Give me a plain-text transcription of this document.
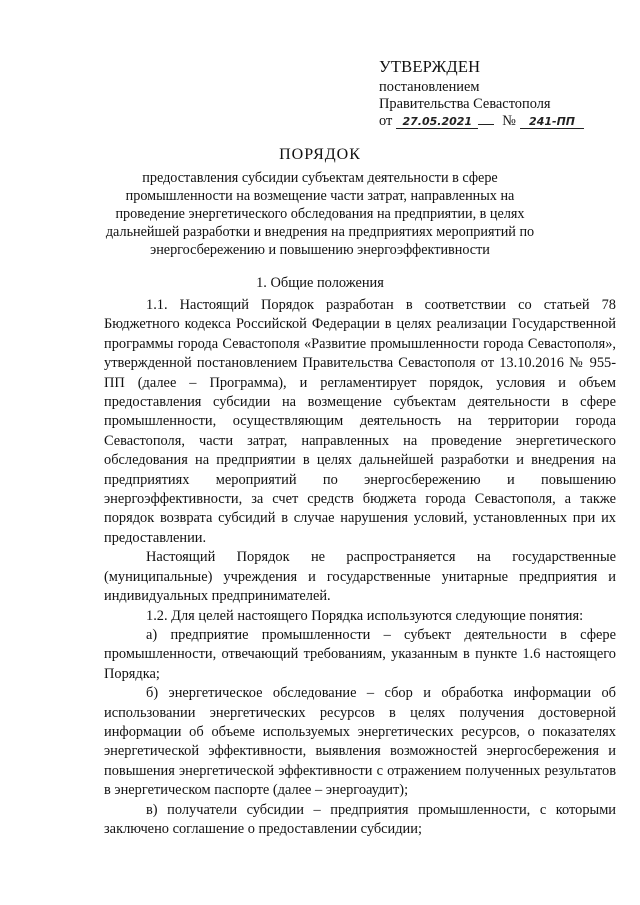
УТВЕРЖДЕН
постановлением
Правительства Севастополя
от 27.05.2021	№	241-ПП
ПОРЯДОК
предоставления субсидии субъектам деятельности в сфере промышленности на возмещение части затрат, направленных на проведение энергетического обследования на предприятии, в целях дальнейшей разработки и внедрения на предприятиях мероприятий по энергосбережению и повышению энергоэффективности
1. Общие положения

1.1. Настоящий Порядок разработан в соответствии со статьей 78 Бюджетного кодекса Российской Федерации в целях реализации Государственной программы города Севастополя «Развитие промышленности города Севастополя», утвержденной постановлением Правительства Севастополя от 13.10.2016 № 955-ПП (далее – Программа), и регламентирует порядок, условия и объем предоставления субсидии на возмещение субъектам деятельности в сфере промышленности, осуществляющим деятельность на территории города Севастополя, части затрат, направленных на проведение энергетического обследования на предприятии в целях дальнейшей разработки и внедрения на предприятиях мероприятий по энергосбережению и повышению энергоэффективности, за счет средств бюджета города Севастополя, а также порядок возврата субсидий в случае нарушения условий, установленных при их предоставлении.

Настоящий Порядок не распространяется на государственные (муниципальные) учреждения и государственные унитарные предприятия и индивидуальных предпринимателей.

1.2. Для целей настоящего Порядка используются следующие понятия:

а) предприятие промышленности – субъект деятельности в сфере промышленности, отвечающий требованиям, указанным в пункте 1.6 настоящего Порядка;

б) энергетическое обследование – сбор и обработка информации об использовании энергетических ресурсов в целях получения достоверной информации об объеме используемых энергетических ресурсов, о показателях энергетической эффективности, выявления возможностей энергосбережения и повышения энергетической эффективности с отражением полученных результатов в энергетическом паспорте (далее – энергоаудит);

в) получатели субсидии – предприятия промышленности, с которыми заключено соглашение о предоставлении субсидии;
